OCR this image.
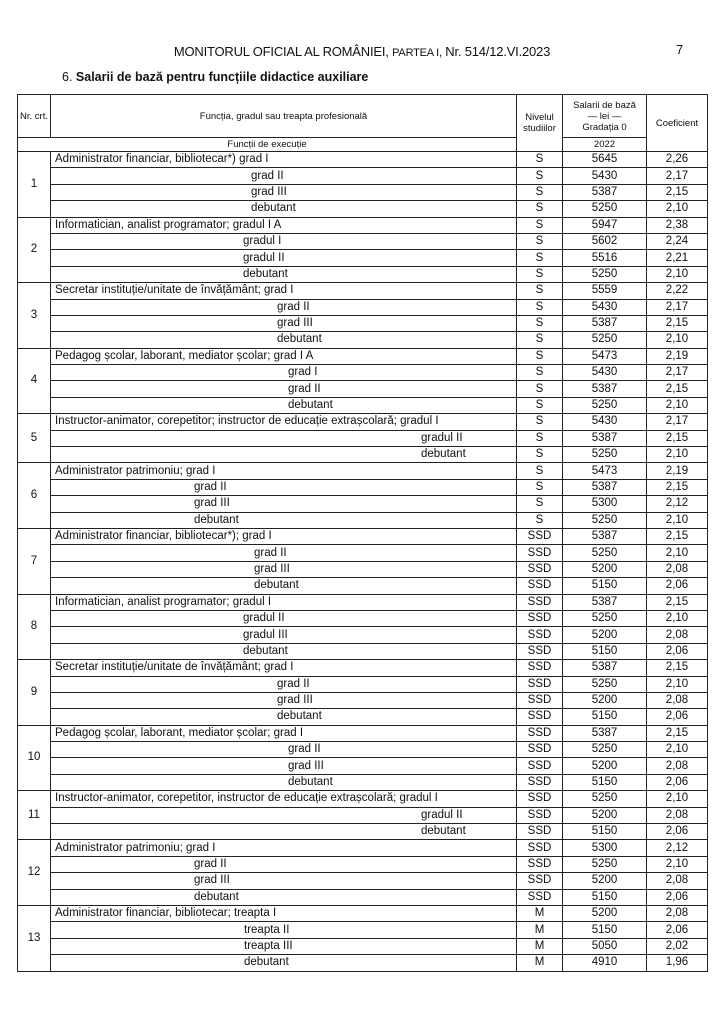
MONITORUL OFICIAL AL ROMÂNIEI, PARTEA I, Nr. 514/12.VI.2023	7
6. Salarii de bază pentru funcțiile didactice auxiliare
Nr. crt.	Funcția, gradul sau treapta profesională	Nivelul studiilor	Salarii de bază — lei — Gradația 0	Coeficient
Funcții de execuție			2022	
1	Administrator financiar, bibliotecar*) grad I	S	5645	2,26
	grad II	S	5430	2,17
	grad III	S	5387	2,15
	debutant	S	5250	2,10
2	Informatician, analist programator; gradul I A	S	5947	2,38
	gradul I	S	5602	2,24
	gradul II	S	5516	2,21
	debutant	S	5250	2,10
3	Secretar instituție/unitate de învățământ; grad I	S	5559	2,22
	grad II	S	5430	2,17
	grad III	S	5387	2,15
	debutant	S	5250	2,10
4	Pedagog școlar, laborant, mediator școlar; grad I A	S	5473	2,19
	grad I	S	5430	2,17
	grad II	S	5387	2,15
	debutant	S	5250	2,10
5	Instructor-animator, corepetitor; instructor de educație extrașcolară; gradul I	S	5430	2,17
	gradul II	S	5387	2,15
	debutant	S	5250	2,10
6	Administrator patrimoniu; grad I	S	5473	2,19
	grad II	S	5387	2,15
	grad III	S	5300	2,12
	debutant	S	5250	2,10
7	Administrator financiar, bibliotecar*); grad I	SSD	5387	2,15
	grad II	SSD	5250	2,10
	grad III	SSD	5200	2,08
	debutant	SSD	5150	2,06
8	Informatician, analist programator; gradul I	SSD	5387	2,15
	gradul II	SSD	5250	2,10
	gradul III	SSD	5200	2,08
	debutant	SSD	5150	2,06
9	Secretar instituție/unitate de învățământ; grad I	SSD	5387	2,15
	grad II	SSD	5250	2,10
	grad III	SSD	5200	2,08
	debutant	SSD	5150	2,06
10	Pedagog școlar, laborant, mediator școlar; grad I	SSD	5387	2,15
	grad II	SSD	5250	2,10
	grad III	SSD	5200	2,08
	debutant	SSD	5150	2,06
11	Instructor-animator, corepetitor, instructor de educație extrașcolară; gradul I	SSD	5250	2,10
	gradul II	SSD	5200	2,08
	debutant	SSD	5150	2,06
12	Administrator patrimoniu; grad I	SSD	5300	2,12
	grad II	SSD	5250	2,10
	grad III	SSD	5200	2,08
	debutant	SSD	5150	2,06
13	Administrator financiar, bibliotecar; treapta I	M	5200	2,08
	treapta II	M	5150	2,06
	treapta III	M	5050	2,02
	debutant	M	4910	1,96
